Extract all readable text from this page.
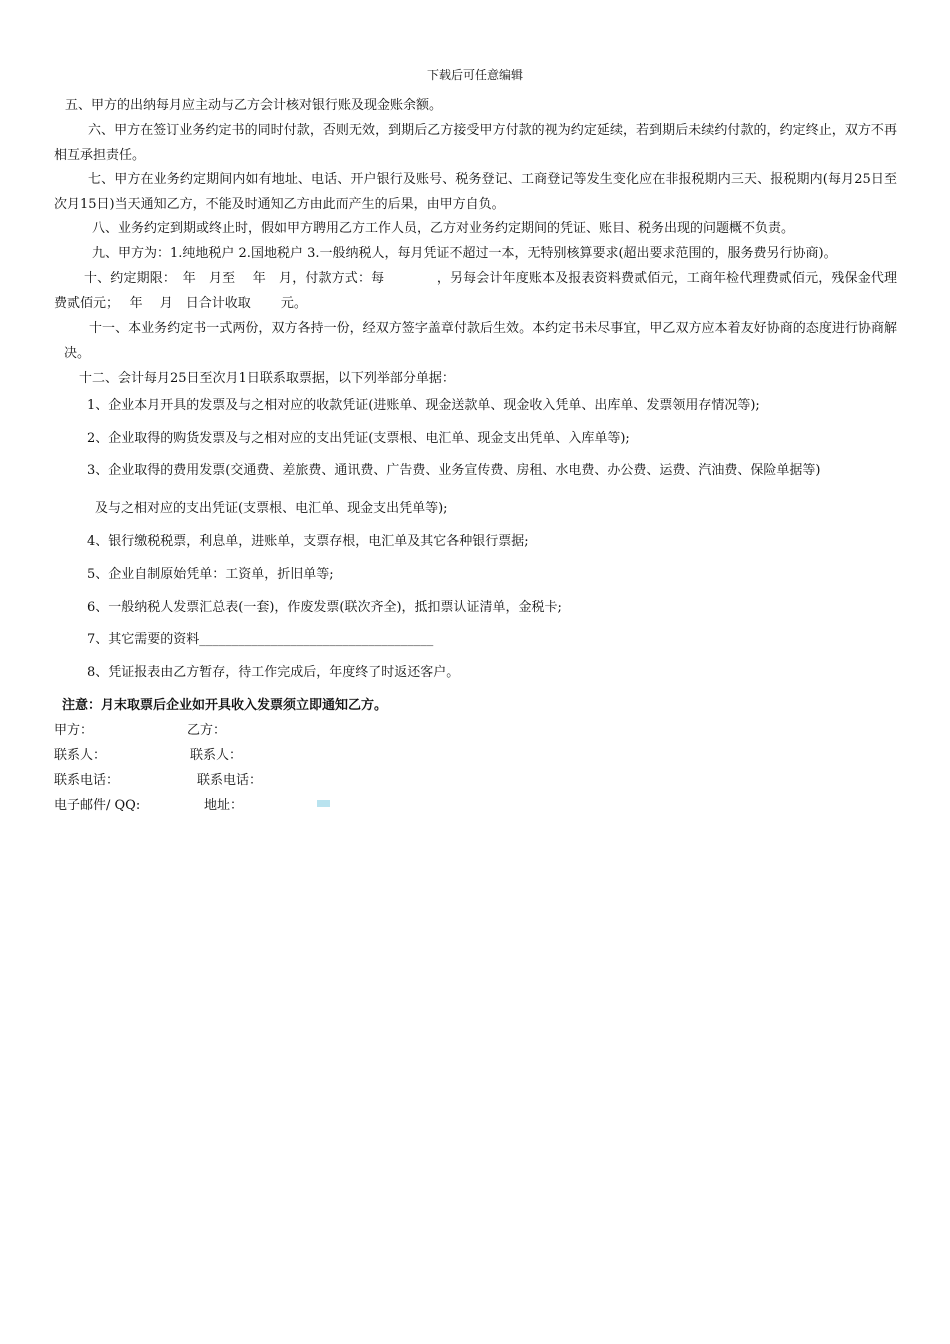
下载后可任意编辑
五、甲方的出纳每月应主动与乙方会计核对银行账及现金账余额。
六、甲方在签订业务约定书的同时付款，否则无效，到期后乙方接受甲方付款的视为约定延续，若到期后未续约付款的，约定终止，双方不再相互承担责任。
七、甲方在业务约定期间内如有地址、电话、开户银行及账号、税务登记、工商登记等发生变化应在非报税期内三天、报税期内(每月25日至次月15日)当天通知乙方，不能及时通知乙方由此而产生的后果，由甲方自负。
八、业务约定到期或终止时，假如甲方聘用乙方工作人员，乙方对业务约定期间的凭证、账目、税务出现的问题概不负责。
九、甲方为：1.纯地税户 2.国地税户 3.一般纳税人，每月凭证不超过一本，无特别核算要求(超出要求范围的，服务费另行协商)。
十、约定期限：　年　月至　 年　月，付款方式：每　　　　，另每会计年度账本及报表资料费贰佰元，工商年检代理费贰佰元，残保金代理费贰佰元；　 年　 月　日合计收取　　 元。
十一、本业务约定书一式两份，双方各持一份，经双方签字盖章付款后生效。本约定书未尽事宜，甲乙双方应本着友好协商的态度进行协商解决。
十二、会计每月25日至次月1日联系取票据，以下列举部分单据：
1、企业本月开具的发票及与之相对应的收款凭证(进账单、现金送款单、现金收入凭单、出库单、发票领用存情况等);
2、企业取得的购货发票及与之相对应的支出凭证(支票根、电汇单、现金支出凭单、入库单等);
3、企业取得的费用发票(交通费、差旅费、通讯费、广告费、业务宣传费、房租、水电费、办公费、运费、汽油费、保险单据等)
及与之相对应的支出凭证(支票根、电汇单、现金支出凭单等);
4、银行缴税税票，利息单，进账单，支票存根，电汇单及其它各种银行票据;
5、企业自制原始凭单：工资单，折旧单等;
6、一般纳税人发票汇总表(一套)，作废发票(联次齐全)，抵扣票认证清单，金税卡;
7、其它需要的资料____________________________________
8、凭证报表由乙方暂存，待工作完成后，年度终了时返还客户。
注意：月末取票后企业如开具收入发票须立即通知乙方。
甲方：	乙方：
联系人：	联系人：
联系电话：	联系电话：
电子邮件/ QQ:	地址：
